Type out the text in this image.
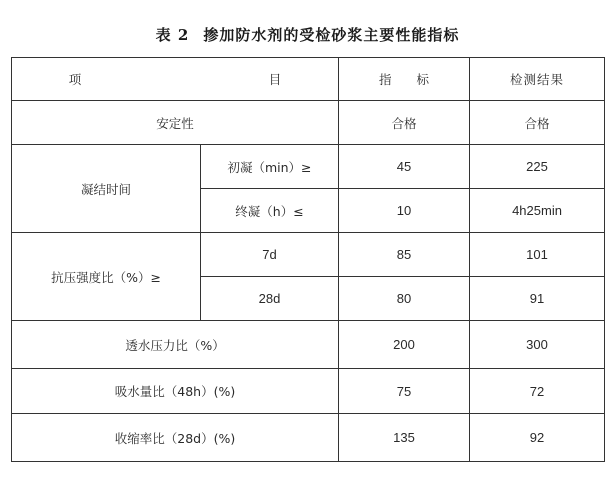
表 2 掺加防水剂的受检砂浆主要性能指标
项 目		指　　标	检测结果
安定性		合格	合格
凝结时间	初凝（min）≥	45	225
	终凝（h）≤	10	4h25min
抗压强度比（%）≥	7d	85	101
	28d	80	91
透水压力比（%）		200	300
吸水量比（48h）(%)		75	72
收缩率比（28d）(%)		135	92
